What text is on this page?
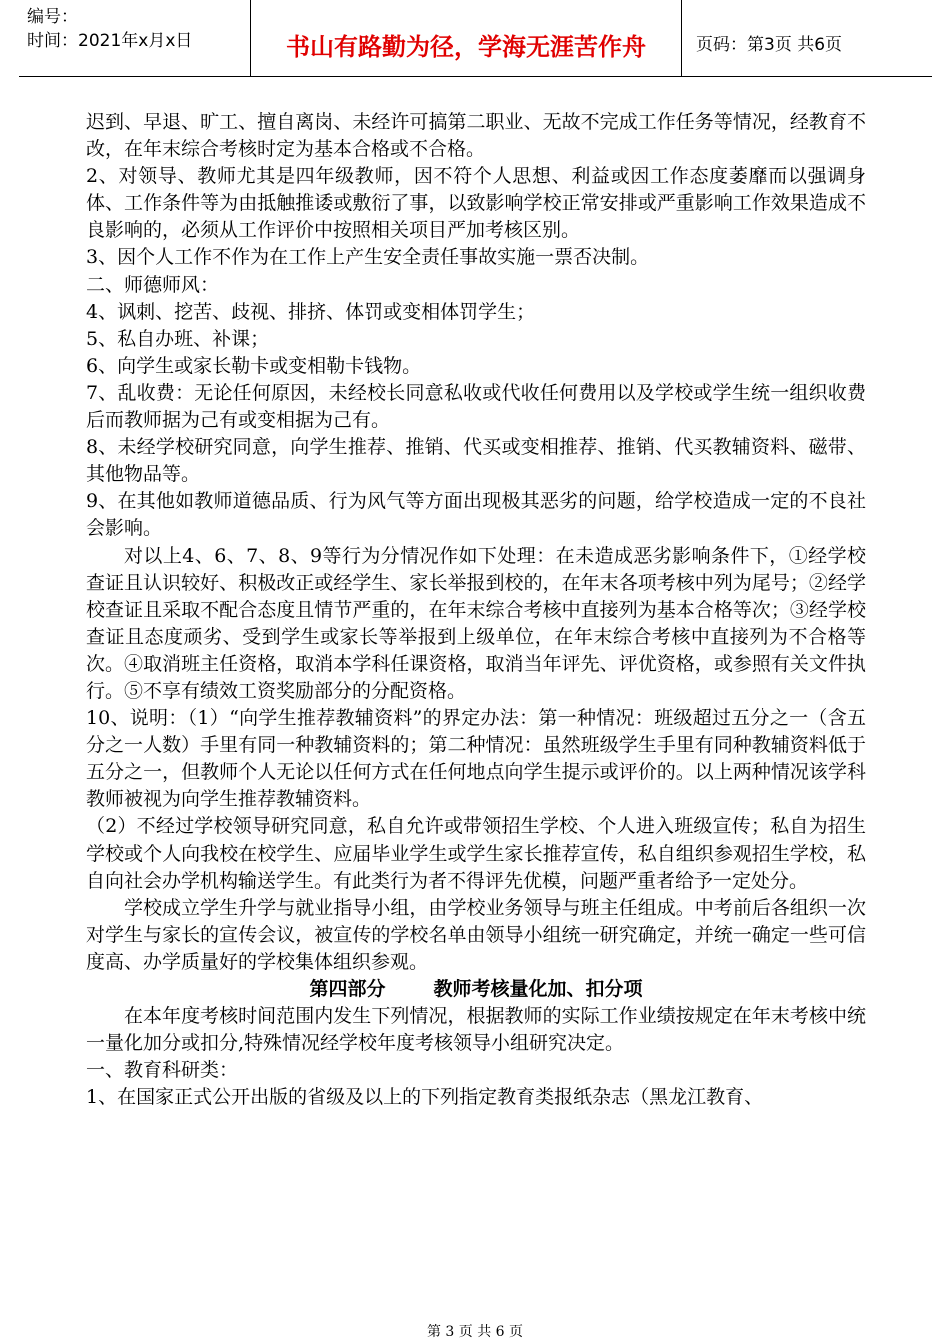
编号：
时间：2021年x月x日	书山有路勤为径，学海无涯苦作舟	页码：第3页 共6页

迟到、早退、旷工、擅自离岗、未经许可搞第二职业、无故不完成工作任务等情况，经教育不改，在年末综合考核时定为基本合格或不合格。

2、对领导、教师尤其是四年级教师，因不符个人思想、利益或因工作态度萎靡而以强调身体、工作条件等为由抵触推诿或敷衍了事，以致影响学校正常安排或严重影响工作效果造成不良影响的，必须从工作评价中按照相关项目严加考核区别。

3、因个人工作不作为在工作上产生安全责任事故实施一票否决制。

二、师德师风：

4、讽刺、挖苦、歧视、排挤、体罚或变相体罚学生；

5、私自办班、补课；

6、向学生或家长勒卡或变相勒卡钱物。

7、乱收费：无论任何原因，未经校长同意私收或代收任何费用以及学校或学生统一组织收费后而教师据为己有或变相据为己有。

8、未经学校研究同意，向学生推荐、推销、代买或变相推荐、推销、代买教辅资料、磁带、其他物品等。

9、在其他如教师道德品质、行为风气等方面出现极其恶劣的问题，给学校造成一定的不良社会影响。

对以上4、6、7、8、9等行为分情况作如下处理：在未造成恶劣影响条件下，①经学校查证且认识较好、积极改正或经学生、家长举报到校的，在年末各项考核中列为尾号；②经学校查证且采取不配合态度且情节严重的，在年末综合考核中直接列为基本合格等次；③经学校查证且态度顽劣、受到学生或家长等举报到上级单位，在年末综合考核中直接列为不合格等次。④取消班主任资格，取消本学科任课资格，取消当年评先、评优资格，或参照有关文件执行。⑤不享有绩效工资奖励部分的分配资格。

10、说明：（1）“向学生推荐教辅资料”的界定办法：第一种情况：班级超过五分之一（含五分之一人数）手里有同一种教辅资料的；第二种情况：虽然班级学生手里有同种教辅资料低于五分之一，但教师个人无论以任何方式在任何地点向学生提示或评价的。以上两种情况该学科教师被视为向学生推荐教辅资料。

（2）不经过学校领导研究同意，私自允许或带领招生学校、个人进入班级宣传；私自为招生学校或个人向我校在校学生、应届毕业学生或学生家长推荐宣传，私自组织参观招生学校，私自向社会办学机构输送学生。有此类行为者不得评先优模，问题严重者给予一定处分。

学校成立学生升学与就业指导小组，由学校业务领导与班主任组成。中考前后各组织一次对学生与家长的宣传会议，被宣传的学校名单由领导小组统一研究确定，并统一确定一些可信度高、办学质量好的学校集体组织参观。

第四部分	教师考核量化加、扣分项

在本年度考核时间范围内发生下列情况，根据教师的实际工作业绩按规定在年末考核中统一量化加分或扣分,特殊情况经学校年度考核领导小组研究决定。

一、教育科研类：

1、在国家正式公开出版的省级及以上的下列指定教育类报纸杂志（黑龙江教育、

第 3 页 共 6 页
